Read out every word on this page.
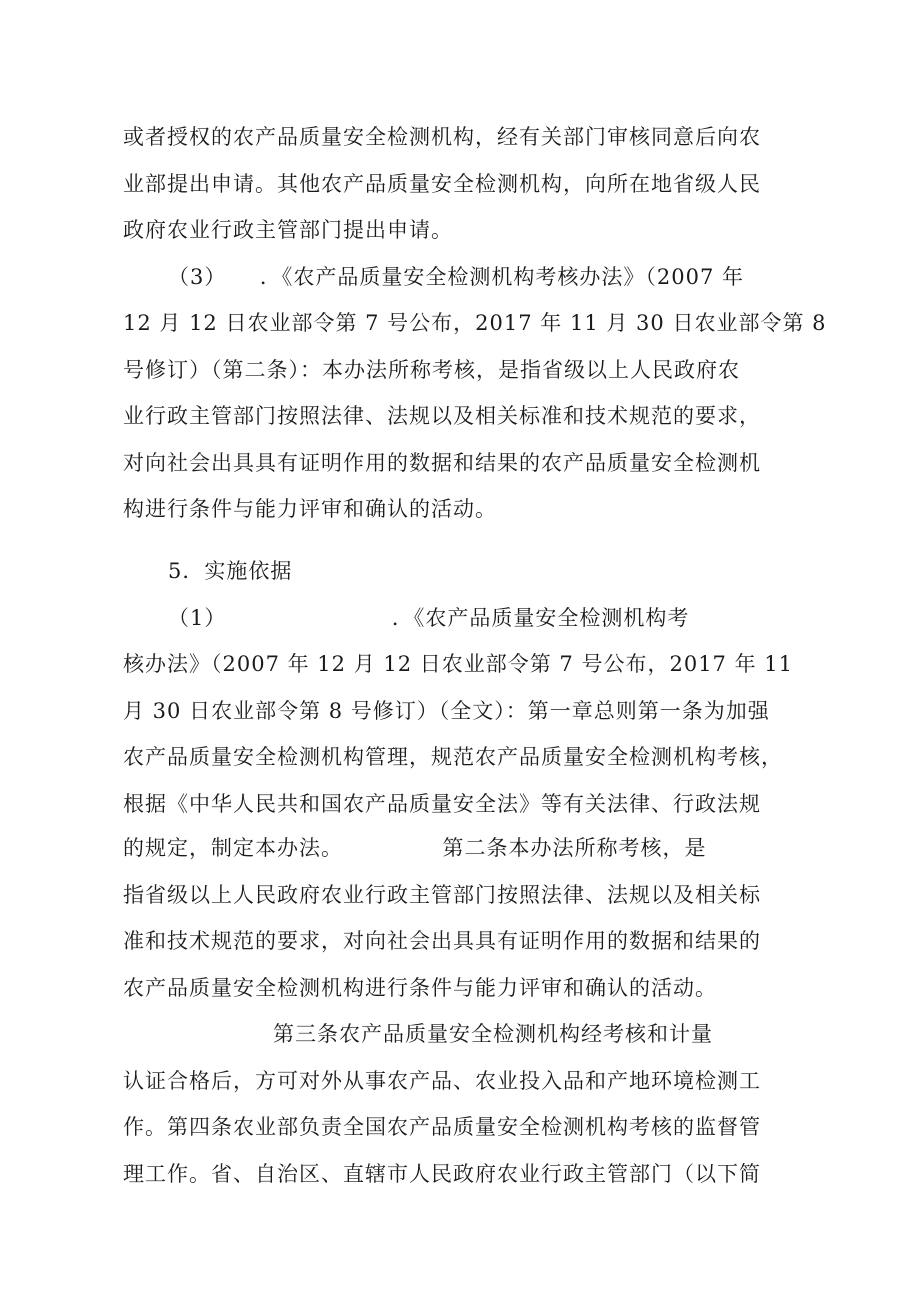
或者授权的农产品质量安全检测机构，经有关部门审核同意后向农
业部提出申请。其他农产品质量安全检测机构，向所在地省级人民
政府农业行政主管部门提出申请。
（3）　　．《农产品质量安全检测机构考核办法》（2007 年
12 月 12 日农业部令第 7 号公布，2017 年 11 月 30 日农业部令第 8
号修订）（第二条）：本办法所称考核，是指省级以上人民政府农
业行政主管部门按照法律、法规以及相关标准和技术规范的要求，
对向社会出具具有证明作用的数据和结果的农产品质量安全检测机
构进行条件与能力评审和确认的活动。
5．实施依据
（1）　　　　　　　　．《农产品质量安全检测机构考
核办法》（2007 年 12 月 12 日农业部令第 7 号公布，2017 年 11
月 30 日农业部令第 8 号修订）（全文）：第一章总则第一条为加强
农产品质量安全检测机构管理，规范农产品质量安全检测机构考核，
根据《中华人民共和国农产品质量安全法》等有关法律、行政法规
的规定，制定本办法。　　　　　第二条本办法所称考核，是
指省级以上人民政府农业行政主管部门按照法律、法规以及相关标
准和技术规范的要求，对向社会出具具有证明作用的数据和结果的
农产品质量安全检测机构进行条件与能力评审和确认的活动。
第三条农产品质量安全检测机构经考核和计量
认证合格后，方可对外从事农产品、农业投入品和产地环境检测工
作。第四条农业部负责全国农产品质量安全检测机构考核的监督管
理工作。省、自治区、直辖市人民政府农业行政主管部门（以下简
